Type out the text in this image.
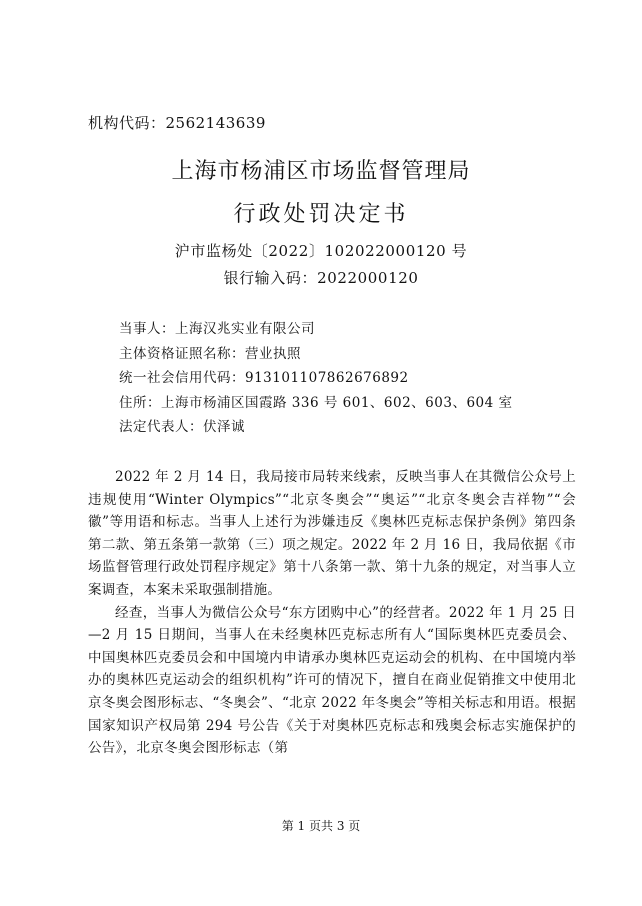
机构代码：2562143639
上海市杨浦区市场监督管理局
行政处罚决定书
沪市监杨处〔2022〕102022000120 号
银行输入码：2022000120
当事人：上海汉兆实业有限公司
主体资格证照名称：营业执照
统一社会信用代码：913101107862676892
住所：上海市杨浦区国霞路 336 号 601、602、603、604 室
法定代表人：伏泽诚

2022 年 2 月 14 日，我局接市局转来线索，反映当事人在其微信公众号上违规使用“Winter Olympics”“北京冬奥会”“奥运”“北京冬奥会吉祥物”“会徽”等用语和标志。当事人上述行为涉嫌违反《奥林匹克标志保护条例》第四条第二款、第五条第一款第（三）项之规定。2022 年 2 月 16 日，我局依据《市场监督管理行政处罚程序规定》第十八条第一款、第十九条的规定，对当事人立案调查，本案未采取强制措施。

经查，当事人为微信公众号“东方团购中心”的经营者。2022 年 1 月 25 日—2 月 15 日期间，当事人在未经奥林匹克标志所有人“国际奥林匹克委员会、中国奥林匹克委员会和中国境内申请承办奥林匹克运动会的机构、在中国境内举办的奥林匹克运动会的组织机构”许可的情况下，擅自在商业促销推文中使用北京冬奥会图形标志、“冬奥会”、“北京 2022 年冬奥会”等相关标志和用语。根据国家知识产权局第 294 号公告《关于对奥林匹克标志和残奥会标志实施保护的公告》，北京冬奥会图形标志（第

第 1 页共 3 页
